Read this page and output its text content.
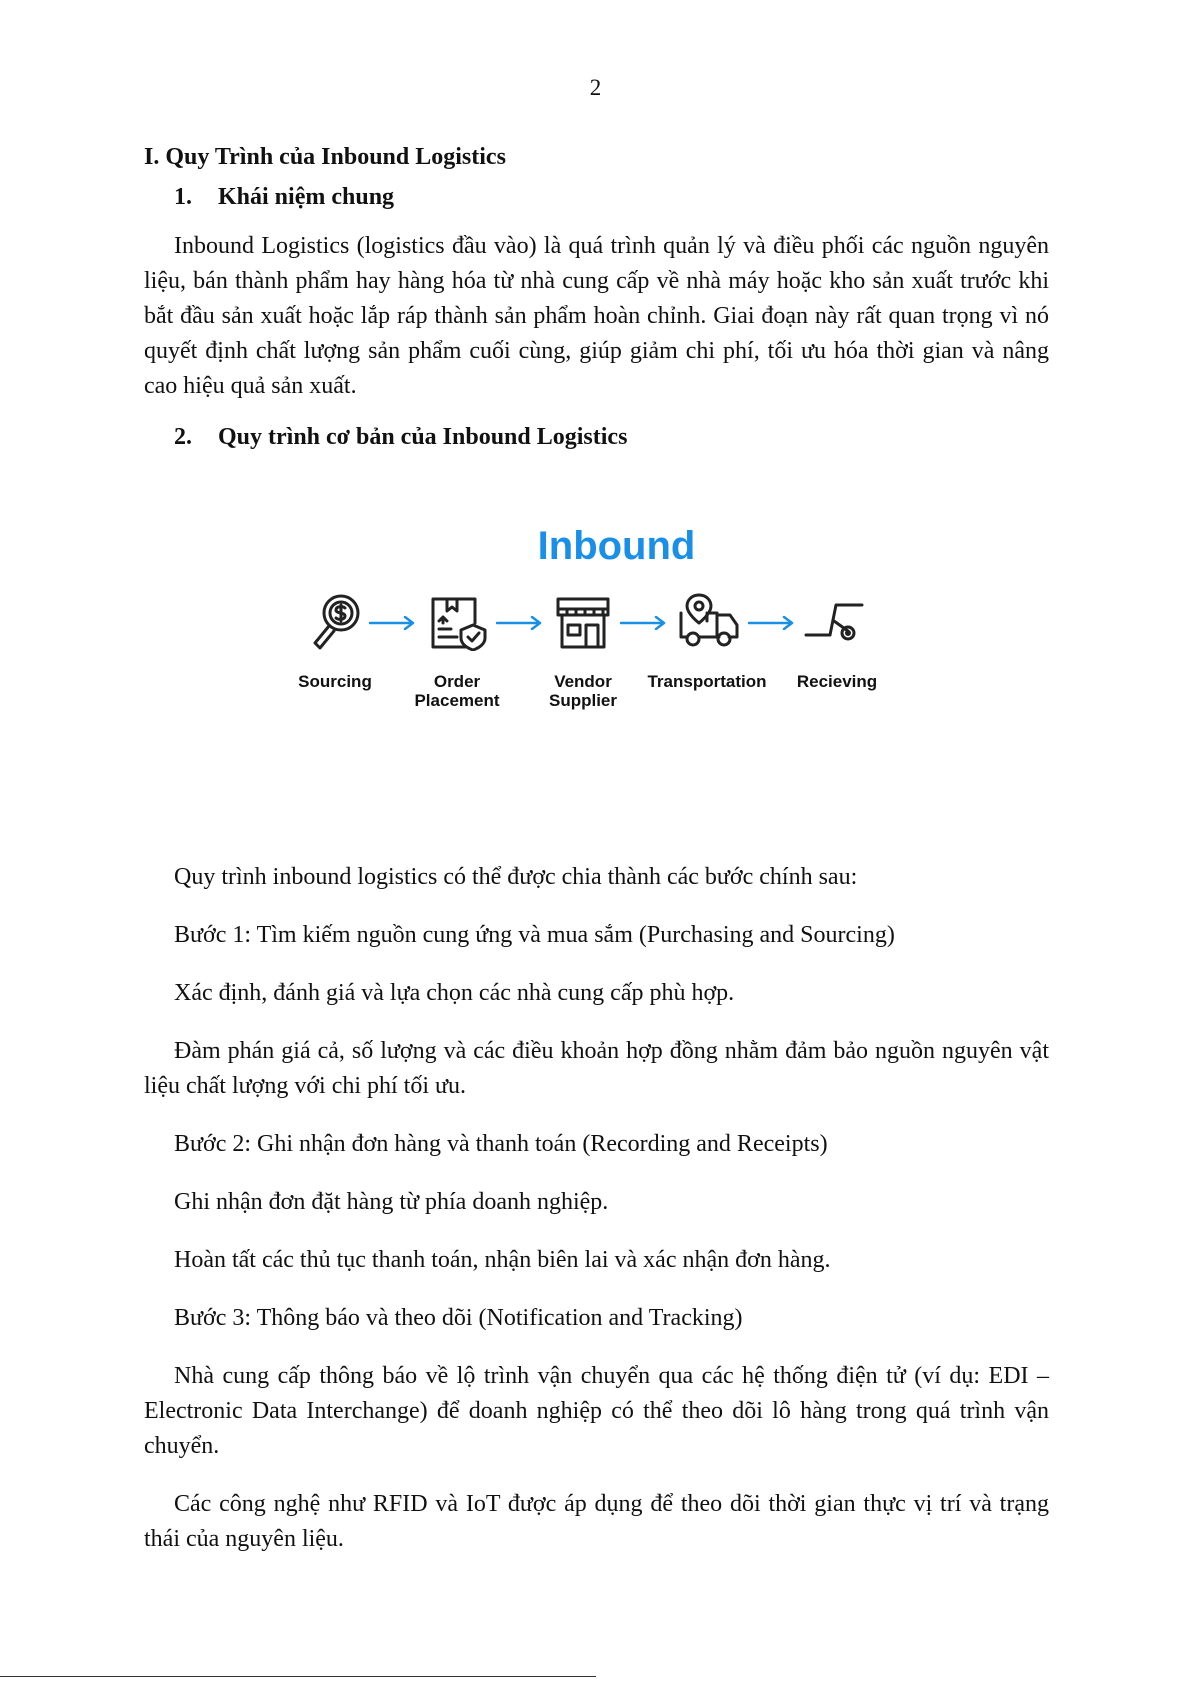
2

I. Quy Trình của Inbound Logistics

1. Khái niệm chung

Inbound Logistics (logistics đầu vào) là quá trình quản lý và điều phối các nguồn nguyên liệu, bán thành phẩm hay hàng hóa từ nhà cung cấp về nhà máy hoặc kho sản xuất trước khi bắt đầu sản xuất hoặc lắp ráp thành sản phẩm hoàn chỉnh. Giai đoạn này rất quan trọng vì nó quyết định chất lượng sản phẩm cuối cùng, giúp giảm chi phí, tối ưu hóa thời gian và nâng cao hiệu quả sản xuất.

2. Quy trình cơ bản của Inbound Logistics

Inbound
Sourcing	Order
Placement
Vendor
Supplier
Transportation	Recieving

Quy trình inbound logistics có thể được chia thành các bước chính sau:

Bước 1: Tìm kiếm nguồn cung ứng và mua sắm (Purchasing and Sourcing)

Xác định, đánh giá và lựa chọn các nhà cung cấp phù hợp.

Đàm phán giá cả, số lượng và các điều khoản hợp đồng nhằm đảm bảo nguồn nguyên vật liệu chất lượng với chi phí tối ưu.

Bước 2: Ghi nhận đơn hàng và thanh toán (Recording and Receipts)

Ghi nhận đơn đặt hàng từ phía doanh nghiệp.

Hoàn tất các thủ tục thanh toán, nhận biên lai và xác nhận đơn hàng.

Bước 3: Thông báo và theo dõi (Notification and Tracking)

Nhà cung cấp thông báo về lộ trình vận chuyển qua các hệ thống điện tử (ví dụ: EDI – Electronic Data Interchange) để doanh nghiệp có thể theo dõi lô hàng trong quá trình vận chuyển.

Các công nghệ như RFID và IoT được áp dụng để theo dõi thời gian thực vị trí và trạng thái của nguyên liệu.
